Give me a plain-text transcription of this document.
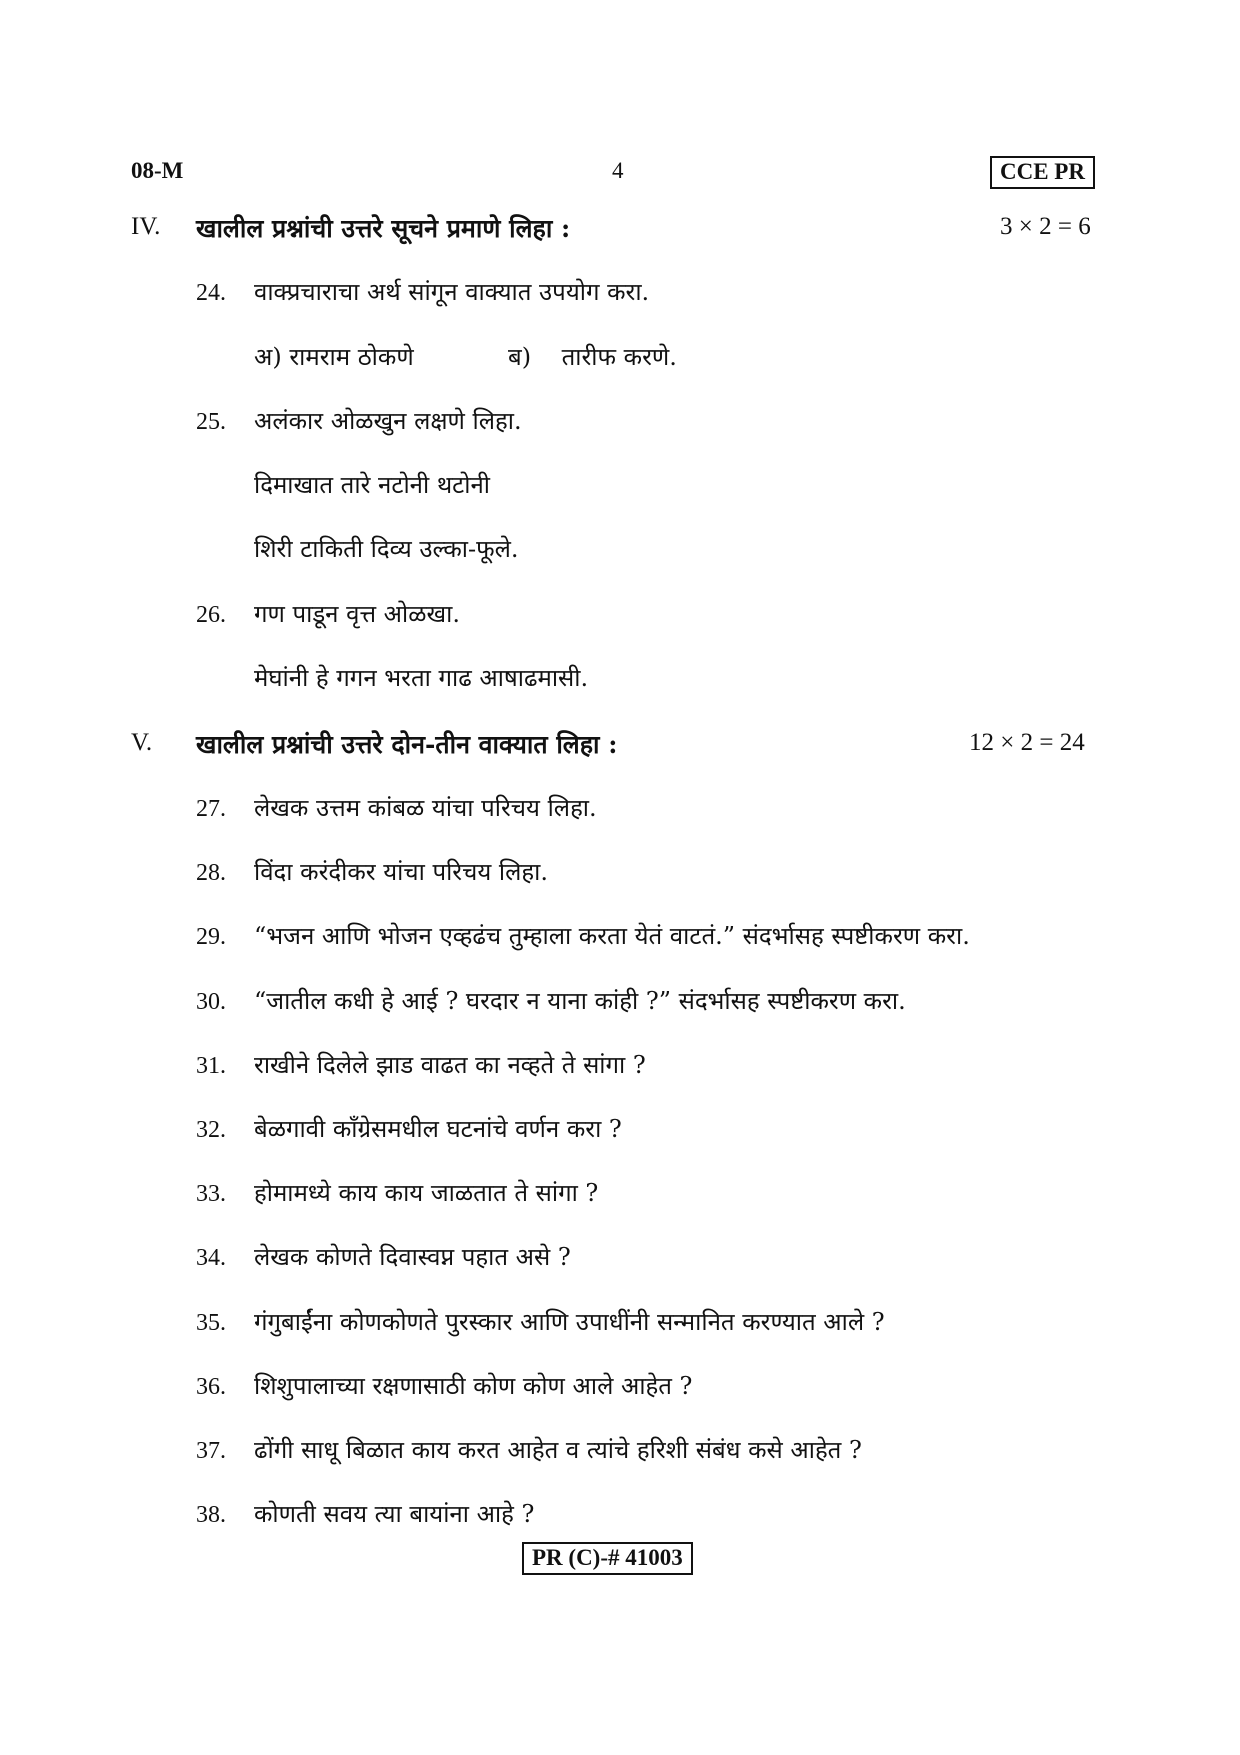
08-M	4	CCE PR
IV. खालील प्रश्नांची उत्तरे सूचने प्रमाणे लिहा :	3 × 2 = 6
24. वाक्प्रचाराचा अर्थ सांगून वाक्यात उपयोग करा.
अ) रामराम ठोकणे	ब)    तारीफ करणे.
25. अलंकार ओळखुन लक्षणे लिहा.
दिमाखात तारे नटोनी थटोनी
शिरी टाकिती दिव्य उल्का-फूले.
26. गण पाडून वृत्त ओळखा.
मेघांनी हे गगन भरता गाढ आषाढमासी.
V. खालील प्रश्नांची उत्तरे दोन-तीन वाक्यात लिहा :	12 × 2 = 24
27. लेखक उत्तम कांबळ यांचा परिचय लिहा.
28. विंदा करंदीकर यांचा परिचय लिहा.
29. “भजन आणि भोजन एव्हढंच तुम्हाला करता येतं वाटतं.” संदर्भासह स्पष्टीकरण करा.
30. “जातील कधी हे आई ? घरदार न याना कांही ?” संदर्भासह स्पष्टीकरण करा.
31. राखीने दिलेले झाड वाढत का नव्हते ते सांगा ?
32. बेळगावी कॉंग्रेसमधील घटनांचे वर्णन करा ?
33. होमामध्ये काय काय जाळतात ते सांगा ?
34. लेखक कोणते दिवास्वप्न पहात असे ?
35. गंगुबाईंना कोणकोणते पुरस्कार आणि उपाधींनी सन्मानित करण्यात आले ?
36. शिशुपालाच्या रक्षणासाठी कोण कोण आले आहेत ?
37. ढोंगी साधू बिळात काय करत आहेत व त्यांचे हरिशी संबंध कसे आहेत ?
38. कोणती सवय त्या बायांना आहे ?
PR (C)-# 41003
